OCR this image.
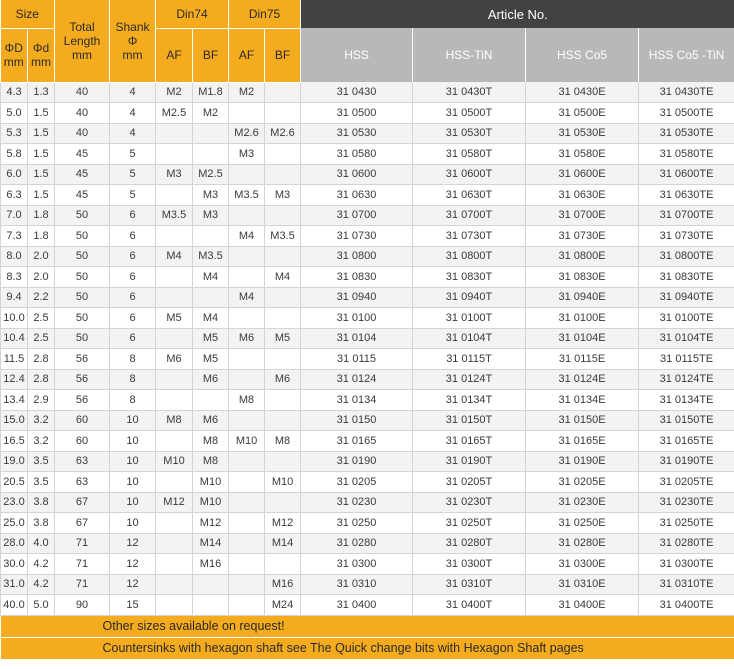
Size		Total Length mm	Shank
Φ
mm	Din74		Din75		Article No.			
ΦD
mm	Φd
mm			AF	BF	AF	BF	HSS	HSS-TiN	HSS Co5	HSS Co5 -TiN

4.3	1.3	40	4	M2	M1.8	M2		31 0430	31 0430T	31 0430E	31 0430TE
5.0	1.5	40	4	M2.5	M2			31 0500	31 0500T	31 0500E	31 0500TE
5.3	1.5	40	4			M2.6	M2.6	31 0530	31 0530T	31 0530E	31 0530TE
5.8	1.5	45	5			M3		31 0580	31 0580T	31 0580E	31 0580TE
6.0	1.5	45	5	M3	M2.5			31 0600	31 0600T	31 0600E	31 0600TE
6.3	1.5	45	5		M3	M3.5	M3	31 0630	31 0630T	31 0630E	31 0630TE
7.0	1.8	50	6	M3.5	M3			31 0700	31 0700T	31 0700E	31 0700TE
7.3	1.8	50	6			M4	M3.5	31 0730	31 0730T	31 0730E	31 0730TE
8.0	2.0	50	6	M4	M3.5			31 0800	31 0800T	31 0800E	31 0800TE
8.3	2.0	50	6		M4		M4	31 0830	31 0830T	31 0830E	31 0830TE
9.4	2.2	50	6			M4		31 0940	31 0940T	31 0940E	31 0940TE
10.0	2.5	50	6	M5	M4			31 0100	31 0100T	31 0100E	31 0100TE
10.4	2.5	50	6		M5	M6	M5	31 0104	31 0104T	31 0104E	31 0104TE
11.5	2.8	56	8	M6	M5			31 0115	31 0115T	31 0115E	31 0115TE
12.4	2.8	56	8		M6		M6	31 0124	31 0124T	31 0124E	31 0124TE
13.4	2.9	56	8			M8		31 0134	31 0134T	31 0134E	31 0134TE
15.0	3.2	60	10	M8	M6			31 0150	31 0150T	31 0150E	31 0150TE
16.5	3.2	60	10		M8	M10	M8	31 0165	31 0165T	31 0165E	31 0165TE
19.0	3.5	63	10	M10	M8			31 0190	31 0190T	31 0190E	31 0190TE
20.5	3.5	63	10		M10		M10	31 0205	31 0205T	31 0205E	31 0205TE
23.0	3.8	67	10	M12	M10			31 0230	31 0230T	31 0230E	31 0230TE
25.0	3.8	67	10		M12		M12	31 0250	31 0250T	31 0250E	31 0250TE
28.0	4.0	71	12		M14		M14	31 0280	31 0280T	31 0280E	31 0280TE
30.0	4.2	71	12		M16			31 0300	31 0300T	31 0300E	31 0300TE
31.0	4.2	71	12				M16	31 0310	31 0310T	31 0310E	31 0310TE
40.0	5.0	90	15				M24	31 0400	31 0400T	31 0400E	31 0400TE
Other sizes available on request!											
Countersinks with hexagon shaft see The Quick change bits with Hexagon Shaft pages											
